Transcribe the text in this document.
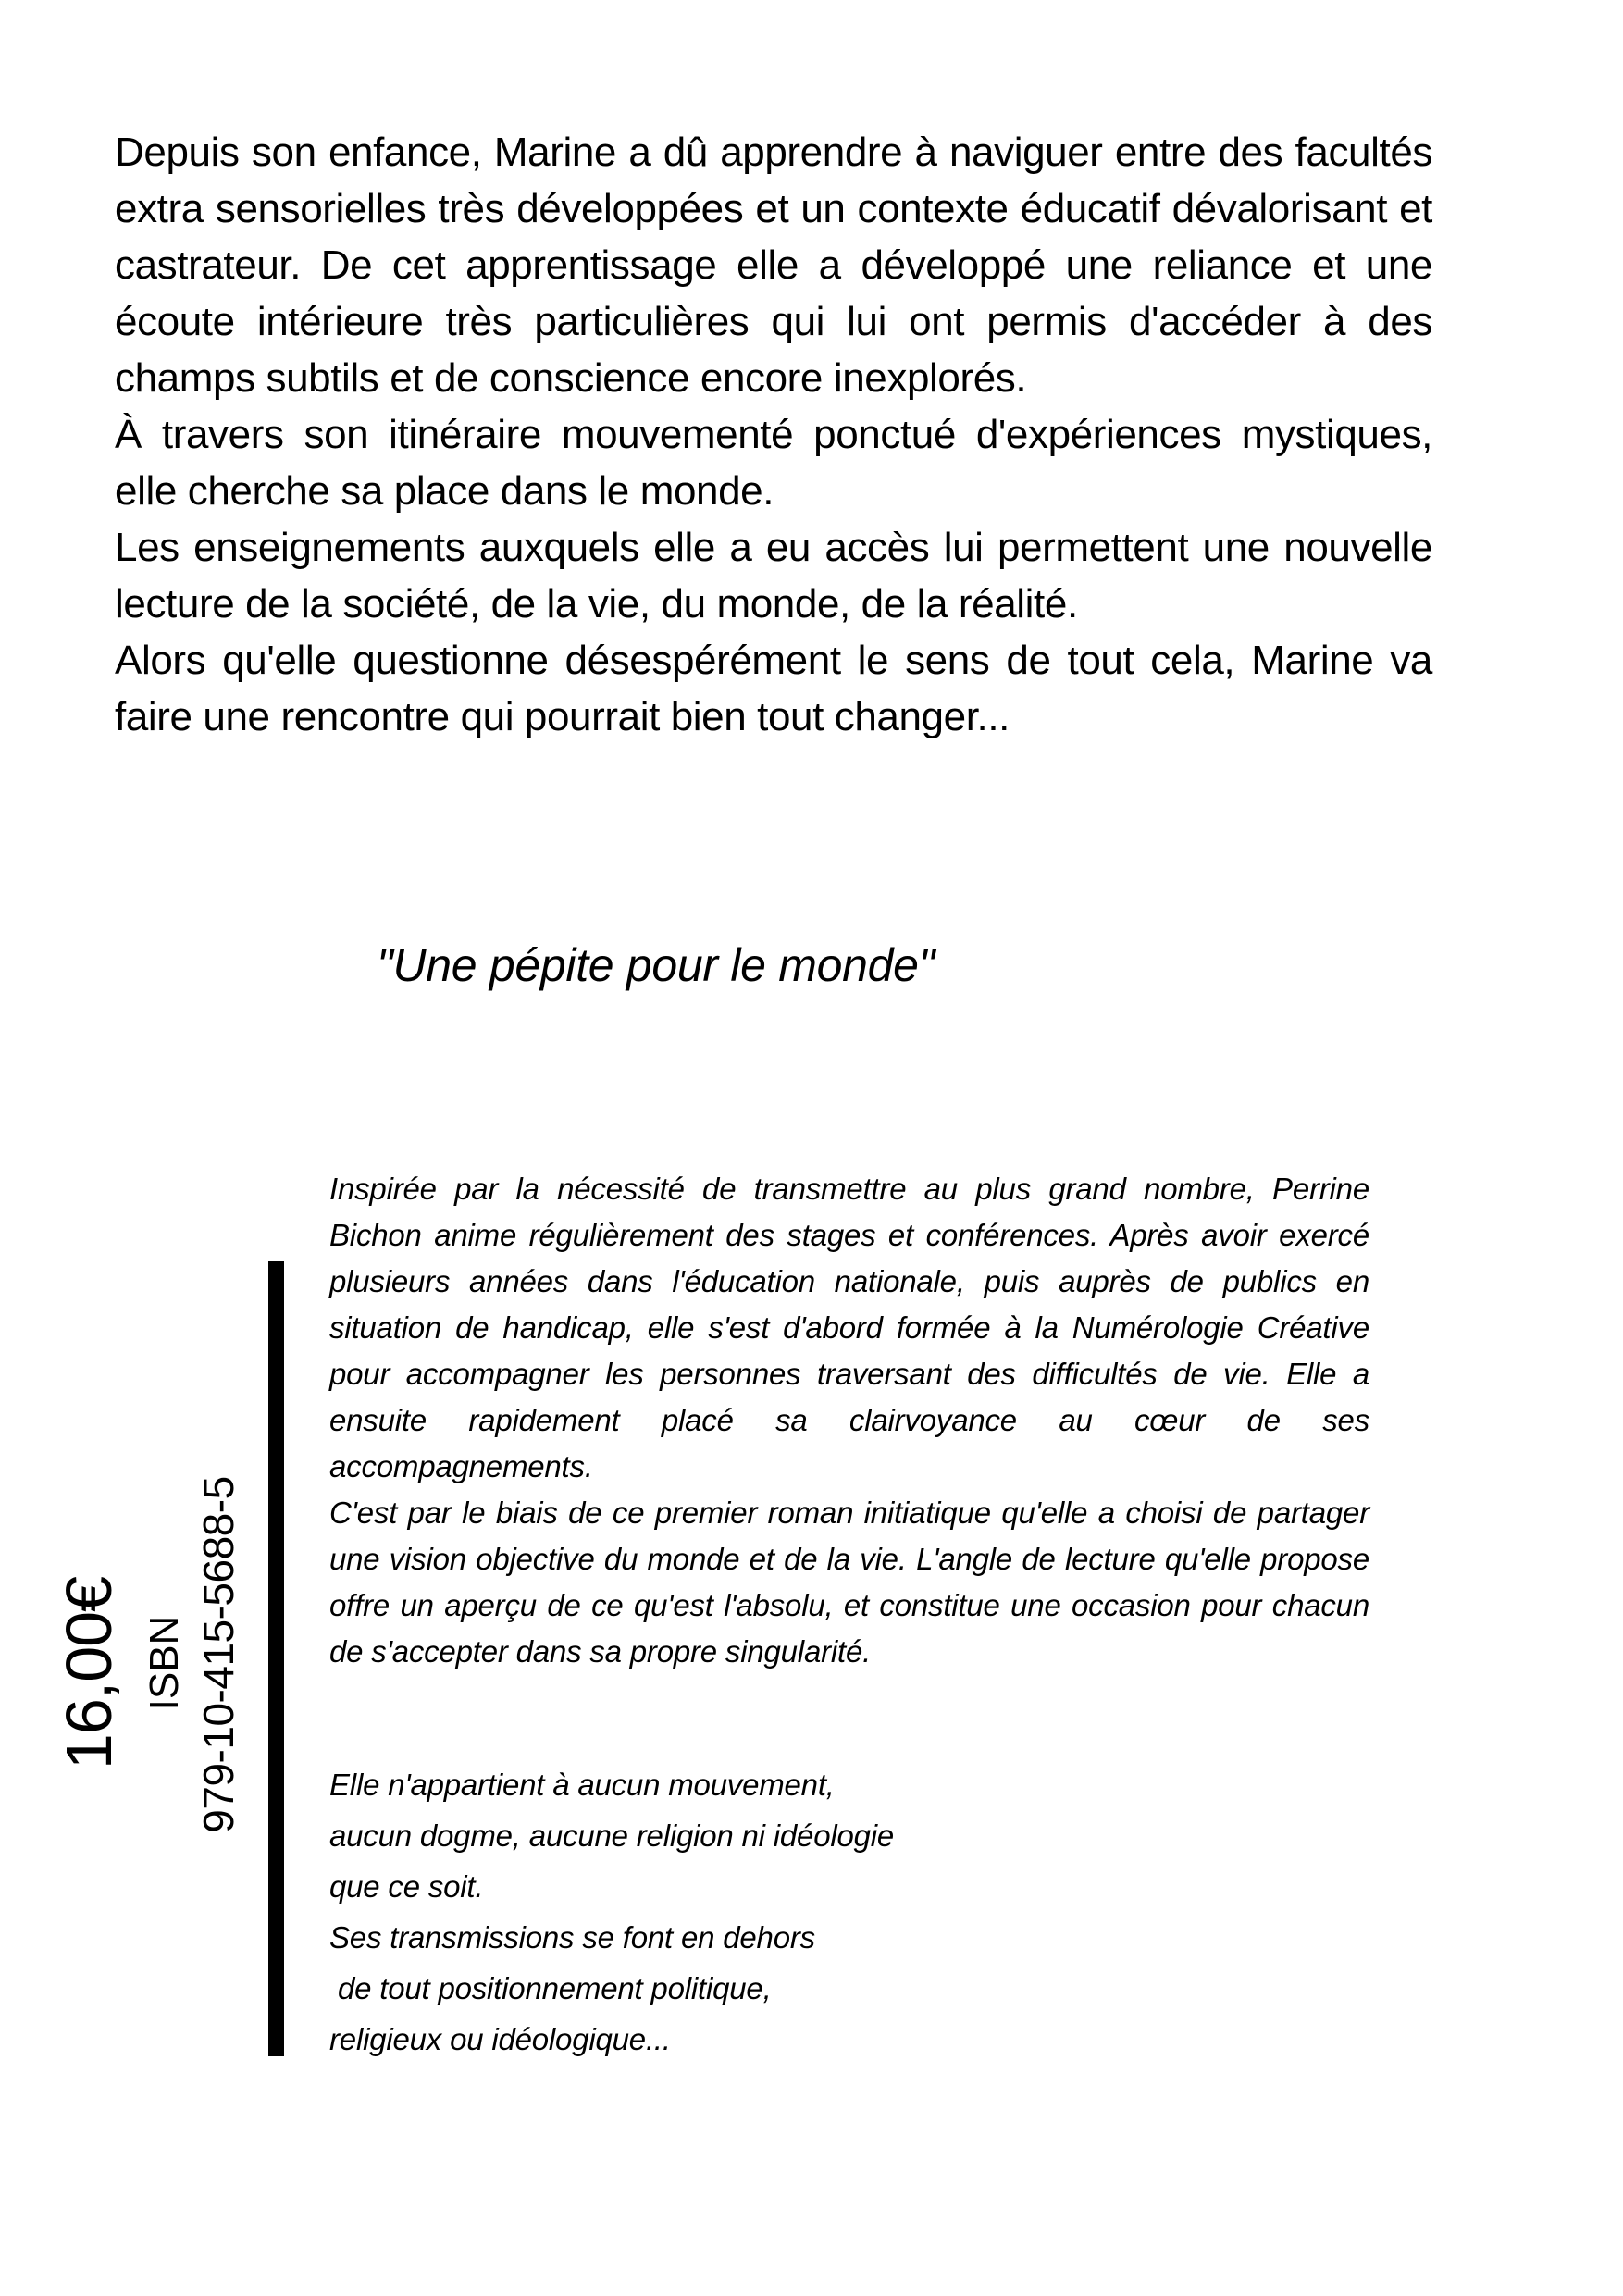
Depuis son enfance, Marine a dû apprendre à naviguer entre des facultés extra sensorielles très développées et un contexte éducatif dévalorisant et castrateur. De cet apprentissage elle a développé une reliance et une écoute intérieure très particulières qui lui ont permis d'accéder à des champs subtils et de conscience encore inexplorés.

À travers son itinéraire mouvementé ponctué d'expériences mystiques, elle cherche sa place dans le monde.

Les enseignements auxquels elle a eu accès lui permettent une nouvelle lecture de la société, de la vie, du monde, de la réalité.

Alors qu'elle questionne désespérément le sens de tout cela, Marine va faire une rencontre qui pourrait bien tout changer...

"Une pépite pour le monde"

Inspirée par la nécessité de transmettre au plus grand nombre, Perrine Bichon anime régulièrement des stages et conférences. Après avoir exercé plusieurs années dans l'éducation nationale, puis auprès de publics en situation de handicap, elle s'est d'abord formée à la Numérologie Créative pour accompagner les personnes traversant des difficultés de vie. Elle a ensuite rapidement placé sa clairvoyance au cœur de ses accompagnements.

C'est par le biais de ce premier roman initiatique qu'elle a choisi de partager une vision objective du monde et de la vie. L'angle de lecture qu'elle propose offre un aperçu de ce qu'est l'absolu, et constitue une occasion pour chacun de s'accepter dans sa propre singularité.

16,00€ ISBN 979-10-415-5688-5	Elle n'appartient à aucun mouvement,
aucun dogme, aucune religion ni idéologie
que ce soit.
Ses transmissions se font en dehors
de tout positionnement politique,
religieux ou idéologique...
